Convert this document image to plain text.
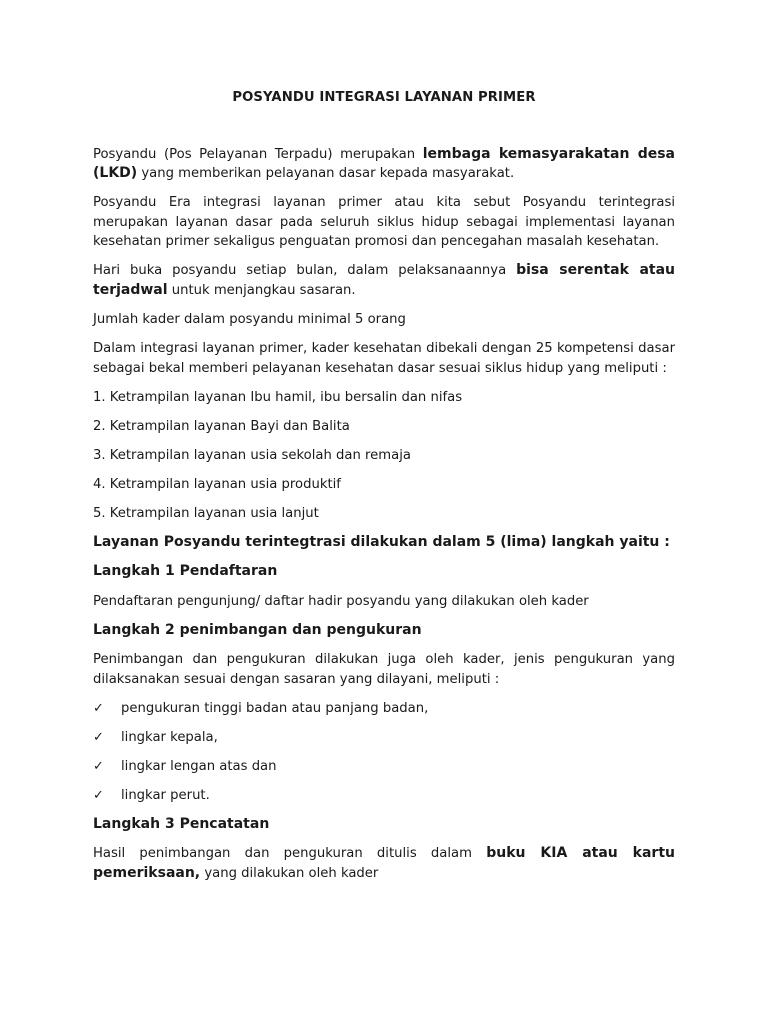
POSYANDU INTEGRASI LAYANAN PRIMER

Posyandu (Pos Pelayanan Terpadu) merupakan lembaga kemasyarakatan desa (LKD) yang memberikan pelayanan dasar kepada masyarakat.

Posyandu Era integrasi layanan primer atau kita sebut Posyandu terintegrasi merupakan layanan dasar pada seluruh siklus hidup sebagai implementasi layanan kesehatan primer sekaligus penguatan promosi dan pencegahan masalah kesehatan.

Hari buka posyandu setiap bulan, dalam pelaksanaannya bisa serentak atau terjadwal untuk menjangkau sasaran.

Jumlah kader dalam posyandu minimal 5 orang

Dalam integrasi layanan primer, kader kesehatan dibekali dengan 25 kompetensi dasar sebagai bekal memberi pelayanan kesehatan dasar sesuai siklus hidup yang meliputi :

1. Ketrampilan layanan Ibu hamil, ibu bersalin dan nifas
2. Ketrampilan layanan Bayi dan Balita
3. Ketrampilan layanan usia sekolah dan remaja
4. Ketrampilan layanan usia produktif
5. Ketrampilan layanan usia lanjut
Layanan Posyandu terintegtrasi dilakukan dalam 5 (lima) langkah yaitu :
Langkah 1 Pendaftaran

Pendaftaran pengunjung/ daftar hadir posyandu yang dilakukan oleh kader

Langkah 2 penimbangan dan pengukuran

Penimbangan dan pengukuran dilakukan juga oleh kader, jenis pengukuran yang dilaksanakan sesuai dengan sasaran yang dilayani, meliputi :

✓	pengukuran tinggi badan atau panjang badan,
✓	lingkar kepala,
✓	lingkar lengan atas dan
✓	lingkar perut.
Langkah 3 Pencatatan

Hasil penimbangan dan pengukuran ditulis dalam buku KIA atau kartu pemeriksaan, yang dilakukan oleh kader
